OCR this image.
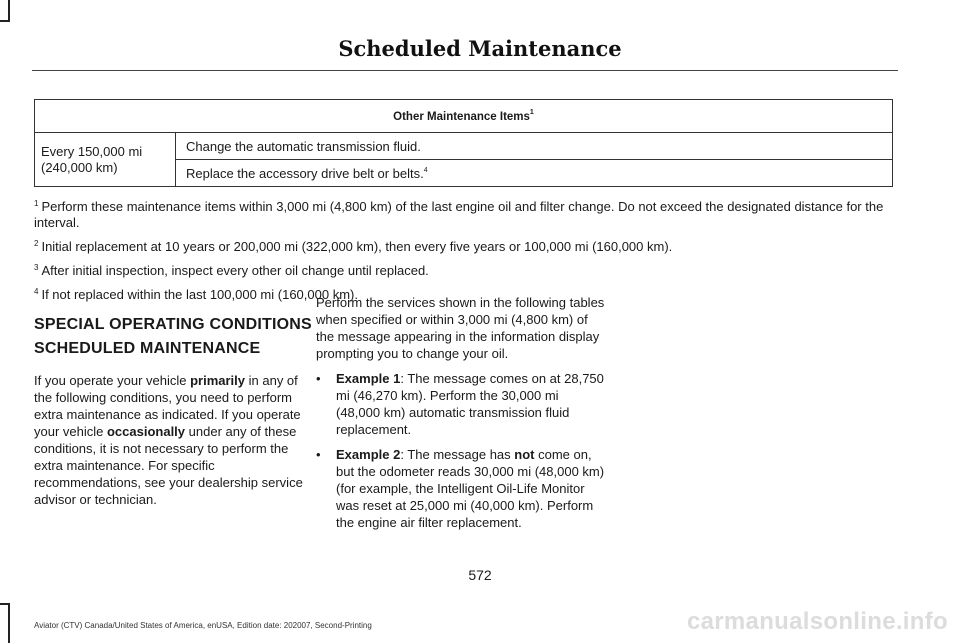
Scheduled Maintenance
Other Maintenance Items$^1$
Every 150,000 mi (240,000 km)	Change the automatic transmission fluid.
Replace the accessory drive belt or belts.$^4$

$^1$ Perform these maintenance items within 3,000 mi (4,800 km) of the last engine oil and filter change. Do not exceed the designated distance for the interval.

$^2$ Initial replacement at 10 years or 200,000 mi (322,000 km), then every five years or 100,000 mi (160,000 km).

$^3$ After initial inspection, inspect every other oil change until replaced.

$^4$ If not replaced within the last 100,000 mi (160,000 km).

SPECIAL OPERATING CONDITIONS
SCHEDULED MAINTENANCE

If you operate your vehicle primarily in any of the following conditions, you need to perform extra maintenance as indicated. If you operate your vehicle occasionally under any of these conditions, it is not necessary to perform the extra maintenance. For specific recommendations, see your dealership service advisor or technician.

Perform the services shown in the following tables when specified or within 3,000 mi (4,800 km) of the message appearing in the information display prompting you to change your oil.

• Example 1: The message comes on at 28,750 mi (46,270 km). Perform the 30,000 mi (48,000 km) automatic transmission fluid replacement.
• Example 2: The message has not come on, but the odometer reads 30,000 mi (48,000 km) (for example, the Intelligent Oil-Life Monitor was reset at 25,000 mi (40,000 km). Perform the engine air filter replacement.
572
Aviator (CTV) Canada/United States of America, enUSA, Edition date: 202007, Second-Printing	carmanualsonline.info
